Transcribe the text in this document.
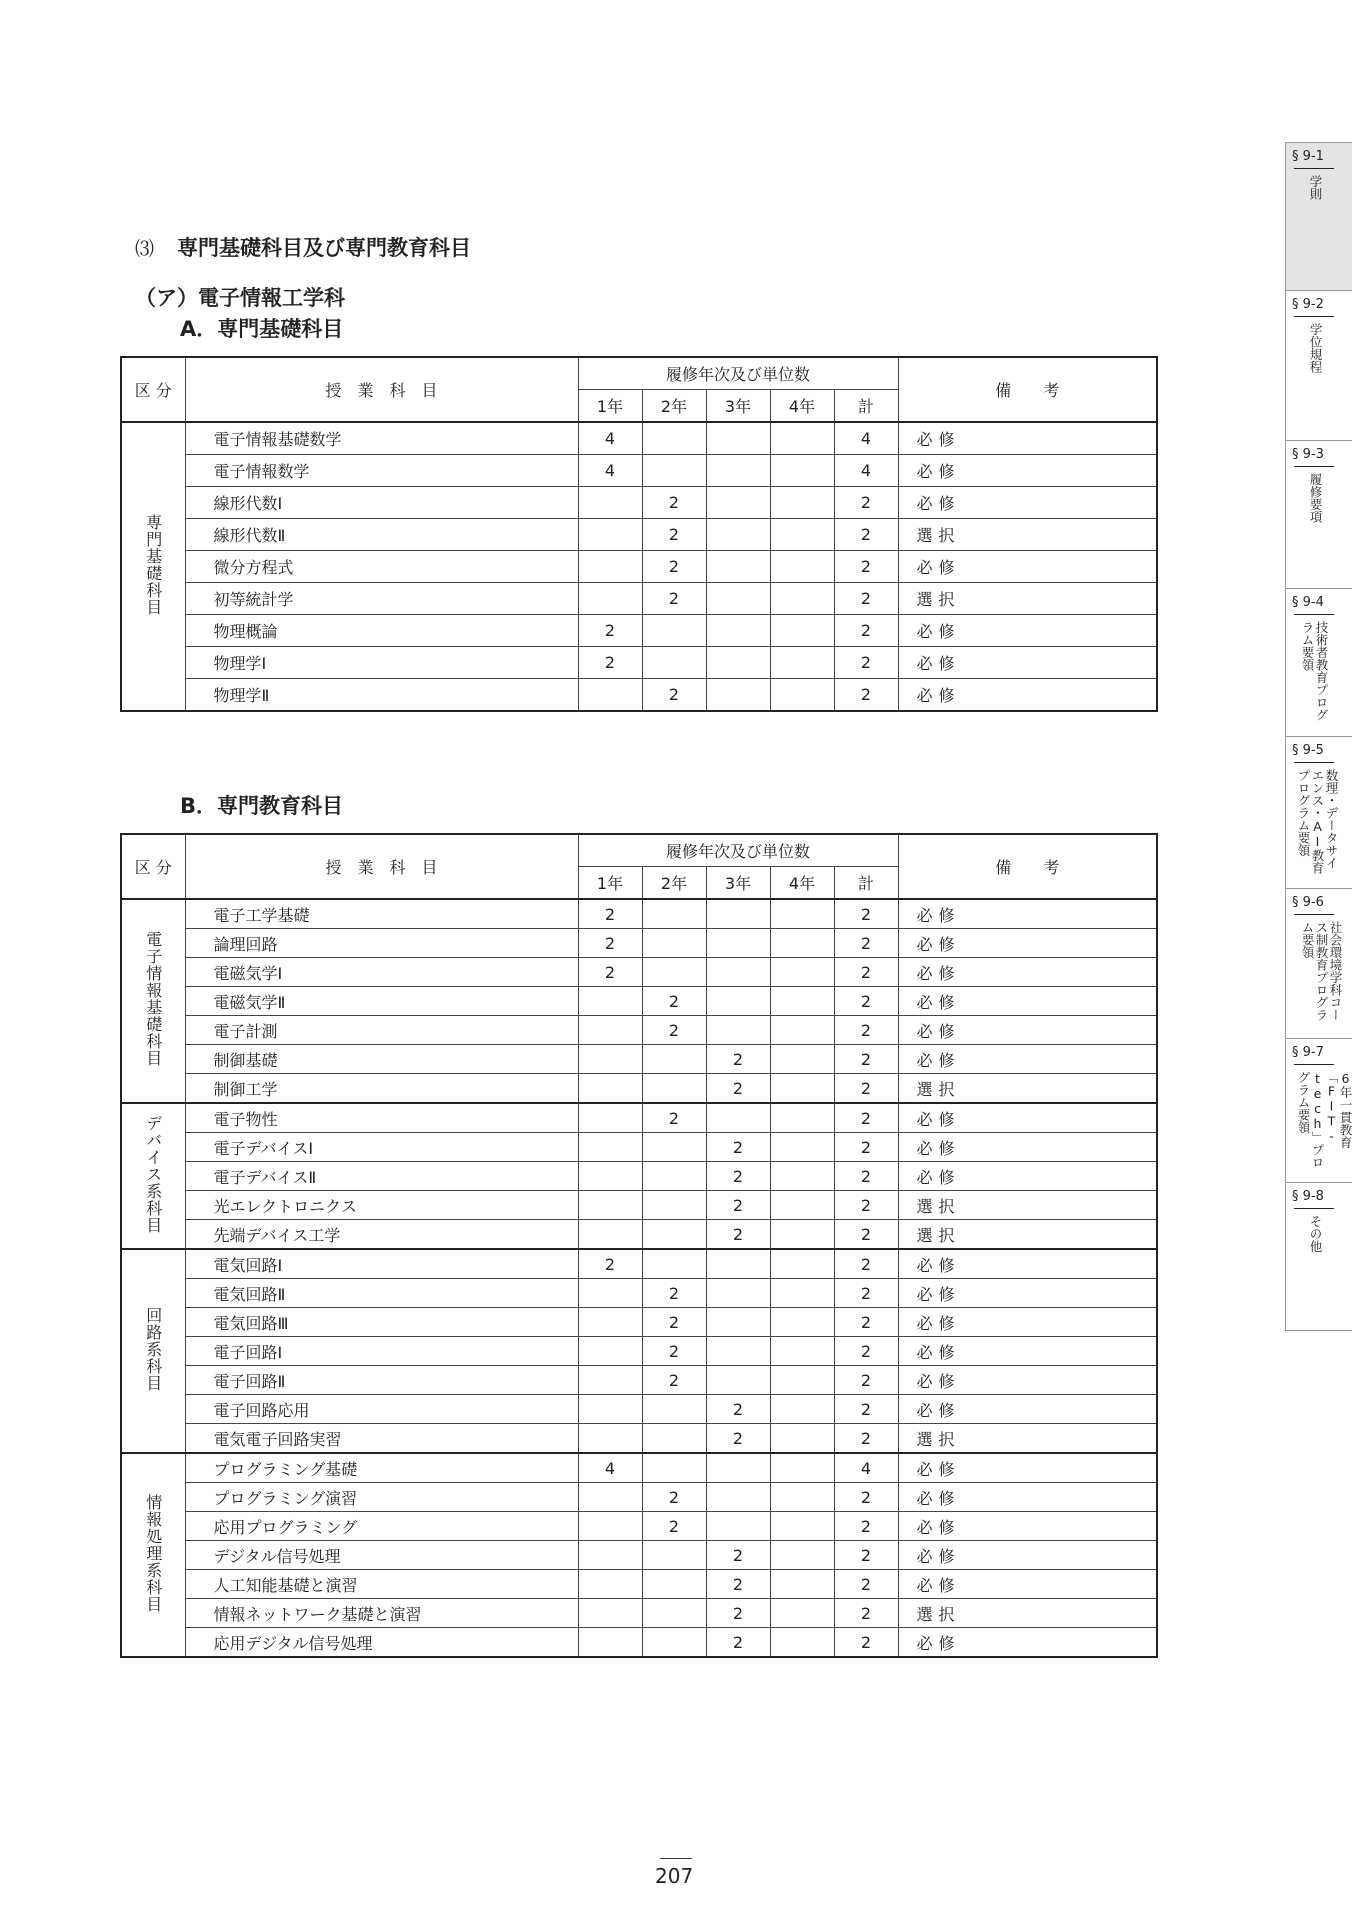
⑶ 専門基礎科目及び専門教育科目
（ア）電子情報工学科
A．専門基礎科目
B．専門教育科目
区 分	授　業　科　目	履修年次及び単位数					備　　考
		1年	2年	3年	4年	計	
専門基礎科目	電子情報基礎数学	4				4	必修
	電子情報数学	4				4	必修
	線形代数Ⅰ		2			2	必修
	線形代数Ⅱ		2			2	選択
	微分方程式		2			2	必修
	初等統計学		2			2	選択
	物理概論	2				2	必修
	物理学Ⅰ	2				2	必修
	物理学Ⅱ		2			2	必修
区 分	授　業　科　目	履修年次及び単位数					備　　考
		1年	2年	3年	4年	計	
電子情報基礎科目	電子工学基礎	2				2	必修
	論理回路	2				2	必修
	電磁気学Ⅰ	2				2	必修
	電磁気学Ⅱ		2			2	必修
	電子計測		2			2	必修
	制御基礎			2		2	必修
	制御工学			2		2	選択
デバイス系科目	電子物性		2			2	必修
	電子デバイスⅠ			2		2	必修
	電子デバイスⅡ			2		2	必修
	光エレクトロニクス			2		2	選択
	先端デバイス工学			2		2	選択
回路系科目	電気回路Ⅰ	2				2	必修
	電気回路Ⅱ		2			2	必修
	電気回路Ⅲ		2			2	必修
	電子回路Ⅰ		2			2	必修
	電子回路Ⅱ		2			2	必修
	電子回路応用			2		2	必修
	電気電子回路実習			2		2	選択
情報処理系科目	プログラミング基礎	4				4	必修
	プログラミング演習		2			2	必修
	応用プログラミング		2			2	必修
	デジタル信号処理			2		2	必修
	人工知能基礎と演習			2		2	必修
	情報ネットワーク基礎と演習			2		2	選択
	応用デジタル信号処理			2		2	必修
§ 9-1
学則
§ 9-2
学位規程
§ 9-3
履修要項
§ 9-4
技術者教育プログラム要領
§ 9-5
数理・データサイエンス・AI教育プログラム要領
§ 9-6
社会環境学科コース制教育プログラム要領
§ 9-7
6年一貫教育「FIT-tech」プログラム要領
§ 9-8
その他
207
